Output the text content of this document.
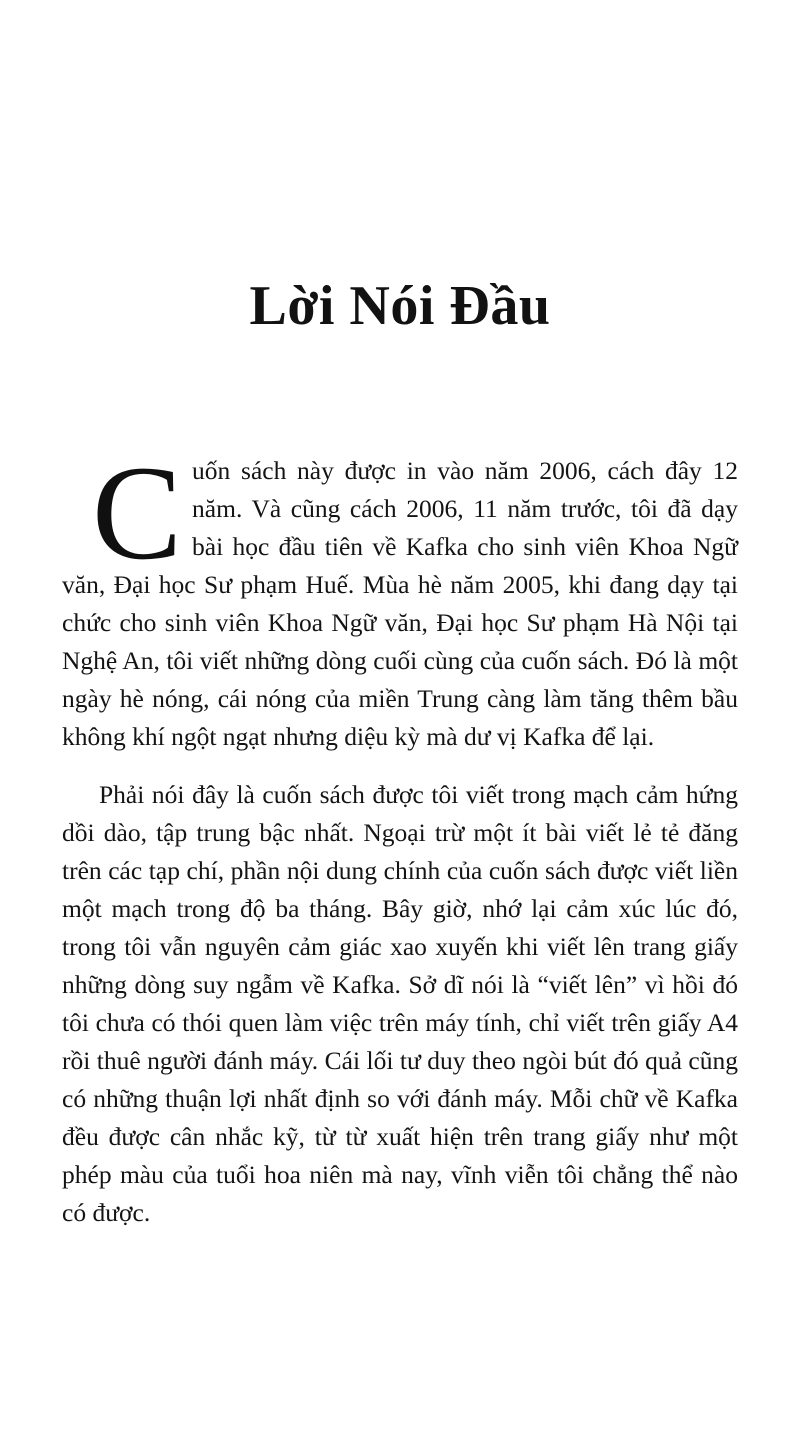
Lời Nói Đầu

Cuốn sách này được in vào năm 2006, cách đây 12 năm. Và cũng cách 2006, 11 năm trước, tôi đã dạy bài học đầu tiên về Kafka cho sinh viên Khoa Ngữ văn, Đại học Sư phạm Huế. Mùa hè năm 2005, khi đang dạy tại chức cho sinh viên Khoa Ngữ văn, Đại học Sư phạm Hà Nội tại Nghệ An, tôi viết những dòng cuối cùng của cuốn sách. Đó là một ngày hè nóng, cái nóng của miền Trung càng làm tăng thêm bầu không khí ngột ngạt nhưng diệu kỳ mà dư vị Kafka để lại.

Phải nói đây là cuốn sách được tôi viết trong mạch cảm hứng dồi dào, tập trung bậc nhất. Ngoại trừ một ít bài viết lẻ tẻ đăng trên các tạp chí, phần nội dung chính của cuốn sách được viết liền một mạch trong độ ba tháng. Bây giờ, nhớ lại cảm xúc lúc đó, trong tôi vẫn nguyên cảm giác xao xuyến khi viết lên trang giấy những dòng suy ngẫm về Kafka. Sở dĩ nói là “viết lên” vì hồi đó tôi chưa có thói quen làm việc trên máy tính, chỉ viết trên giấy A4 rồi thuê người đánh máy. Cái lối tư duy theo ngòi bút đó quả cũng có những thuận lợi nhất định so với đánh máy. Mỗi chữ về Kafka đều được cân nhắc kỹ, từ từ xuất hiện trên trang giấy như một phép màu của tuổi hoa niên mà nay, vĩnh viễn tôi chẳng thể nào có được.
